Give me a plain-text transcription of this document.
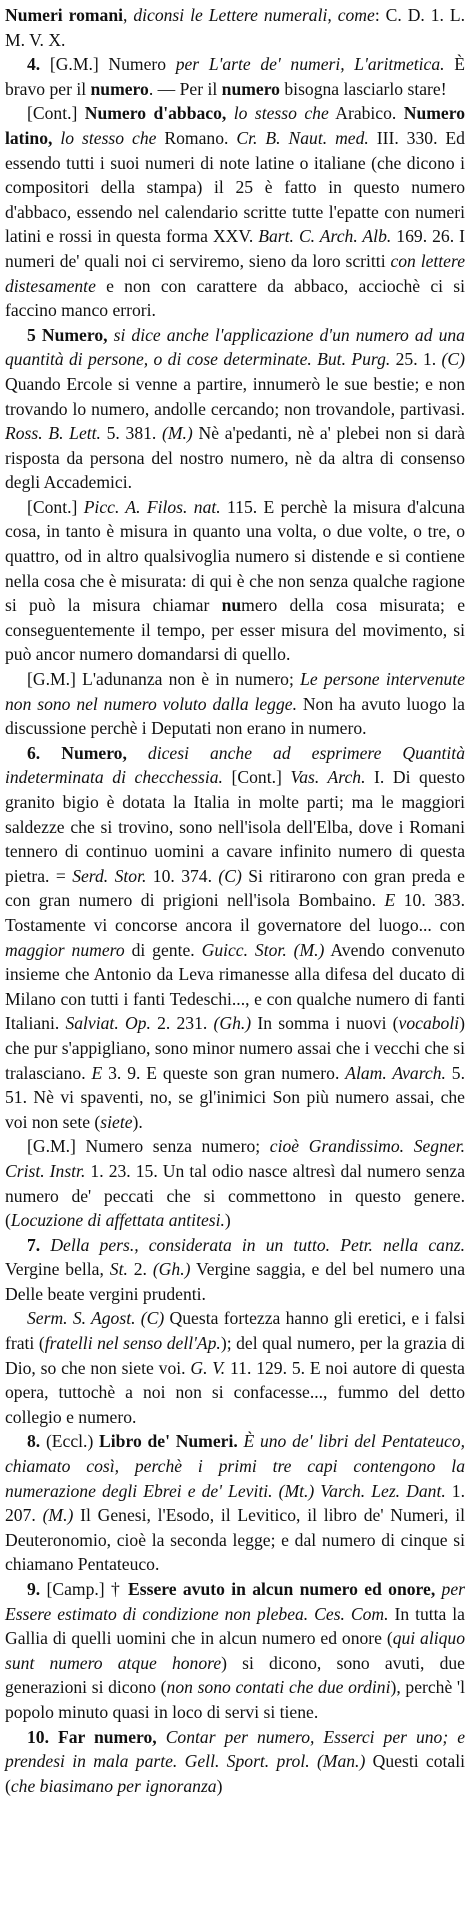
Numeri romani, diconsi le Lettere numerali, come: C. D. 1. L. M. V. X.

4. [G.M.] Numero per L'arte de' numeri, L'aritmetica. È bravo per il numero. — Per il numero bisogna lasciarlo stare!

[Cont.] Numero d'abbaco, lo stesso che Arabico. Numero latino, lo stesso che Romano. Cr. B. Naut. med. III. 330. Ed essendo tutti i suoi numeri di note latine o italiane (che dicono i compositori della stampa) il 25 è fatto in questo numero d'abbaco, essendo nel calendario scritte tutte l'epatte con numeri latini e rossi in questa forma XXV. Bart. C. Arch. Alb. 169. 26. I numeri de' quali noi ci serviremo, sieno da loro scritti con lettere distesamente e non con carattere da abbaco, acciochè ci si faccino manco errori.

5 Numero, si dice anche l'applicazione d'un numero ad una quantità di persone, o di cose determinate. But. Purg. 25. 1. (C) Quando Ercole si venne a partire, innumerò le sue bestie; e non trovando lo numero, andolle cercando; non trovandole, partivasi. Ross. B. Lett. 5. 381. (M.) Nè a'pedanti, nè a' plebei non si darà risposta da persona del nostro numero, nè da altra di consenso degli Accademici.

[Cont.] Picc. A. Filos. nat. 115. E perchè la misura d'alcuna cosa, in tanto è misura in quanto una volta, o due volte, o tre, o quattro, od in altro qualsivoglia numero si distende e si contiene nella cosa che è misurata: di qui è che non senza qualche ragione si può la misura chiamar numero della cosa misurata; e conseguentemente il tempo, per esser misura del movimento, si può ancor numero domandarsi di quello.

[G.M.] L'adunanza non è in numero; Le persone intervenute non sono nel numero voluto dalla legge. Non ha avuto luogo la discussione perchè i Deputati non erano in numero.

6. Numero, dicesi anche ad esprimere Quantità indeterminata di checchessia. [Cont.] Vas. Arch. I. Di questo granito bigio è dotata la Italia in molte parti; ma le maggiori saldezze che si trovino, sono nell'isola dell'Elba, dove i Romani tennero di continuo uomini a cavare infinito numero di questa pietra. = Serd. Stor. 10. 374. (C) Si ritirarono con gran preda e con gran numero di prigioni nell'isola Bombaino. E 10. 383. Tostamente vi concorse ancora il governatore del luogo... con maggior numero di gente. Guicc. Stor. (M.) Avendo convenuto insieme che Antonio da Leva rimanesse alla difesa del ducato di Milano con tutti i fanti Tedeschi..., e con qualche numero di fanti Italiani. Salviat. Op. 2. 231. (Gh.) In somma i nuovi (vocaboli) che pur s'appigliano, sono minor numero assai che i vecchi che si tralasciano. E 3. 9. E queste son gran numero. Alam. Avarch. 5. 51. Nè vi spaventi, no, se gl'inimici Son più numero assai, che voi non sete (siete).

[G.M.] Numero senza numero; cioè Grandissimo. Segner. Crist. Instr. 1. 23. 15. Un tal odio nasce altresì dal numero senza numero de' peccati che si commettono in questo genere. (Locuzione di affettata antitesi.)

7. Della pers., considerata in un tutto. Petr. nella canz. Vergine bella, St. 2. (Gh.) Vergine saggia, e del bel numero una Delle beate vergini prudenti.

Serm. S. Agost. (C) Questa fortezza hanno gli eretici, e i falsi frati (fratelli nel senso dell'Ap.); del qual numero, per la grazia di Dio, so che non siete voi. G. V. 11. 129. 5. E noi autore di questa opera, tuttochè a noi non si confacesse..., fummo del detto collegio e numero.

8. (Eccl.) Libro de' Numeri. È uno de' libri del Pentateuco, chiamato così, perchè i primi tre capi contengono la numerazione degli Ebrei e de' Leviti. (Mt.) Varch. Lez. Dant. 1. 207. (M.) Il Genesi, l'Esodo, il Levitico, il libro de' Numeri, il Deuteronomio, cioè la seconda legge; e dal numero di cinque si chiamano Pentateuco.

9. [Camp.] † Essere avuto in alcun numero ed onore, per Essere estimato di condizione non plebea. Ces. Com. In tutta la Gallia di quelli uomini che in alcun numero ed onore (qui aliquo sunt numero atque honore) si dicono, sono avuti, due generazioni si dicono (non sono contati che due ordini), perchè 'l popolo minuto quasi in loco di servi si tiene.

10. Far numero, Contar per numero, Esserci per uno; e prendesi in mala parte. Gell. Sport. prol. (Man.) Questi cotali (che biasimano per ignoranza)
